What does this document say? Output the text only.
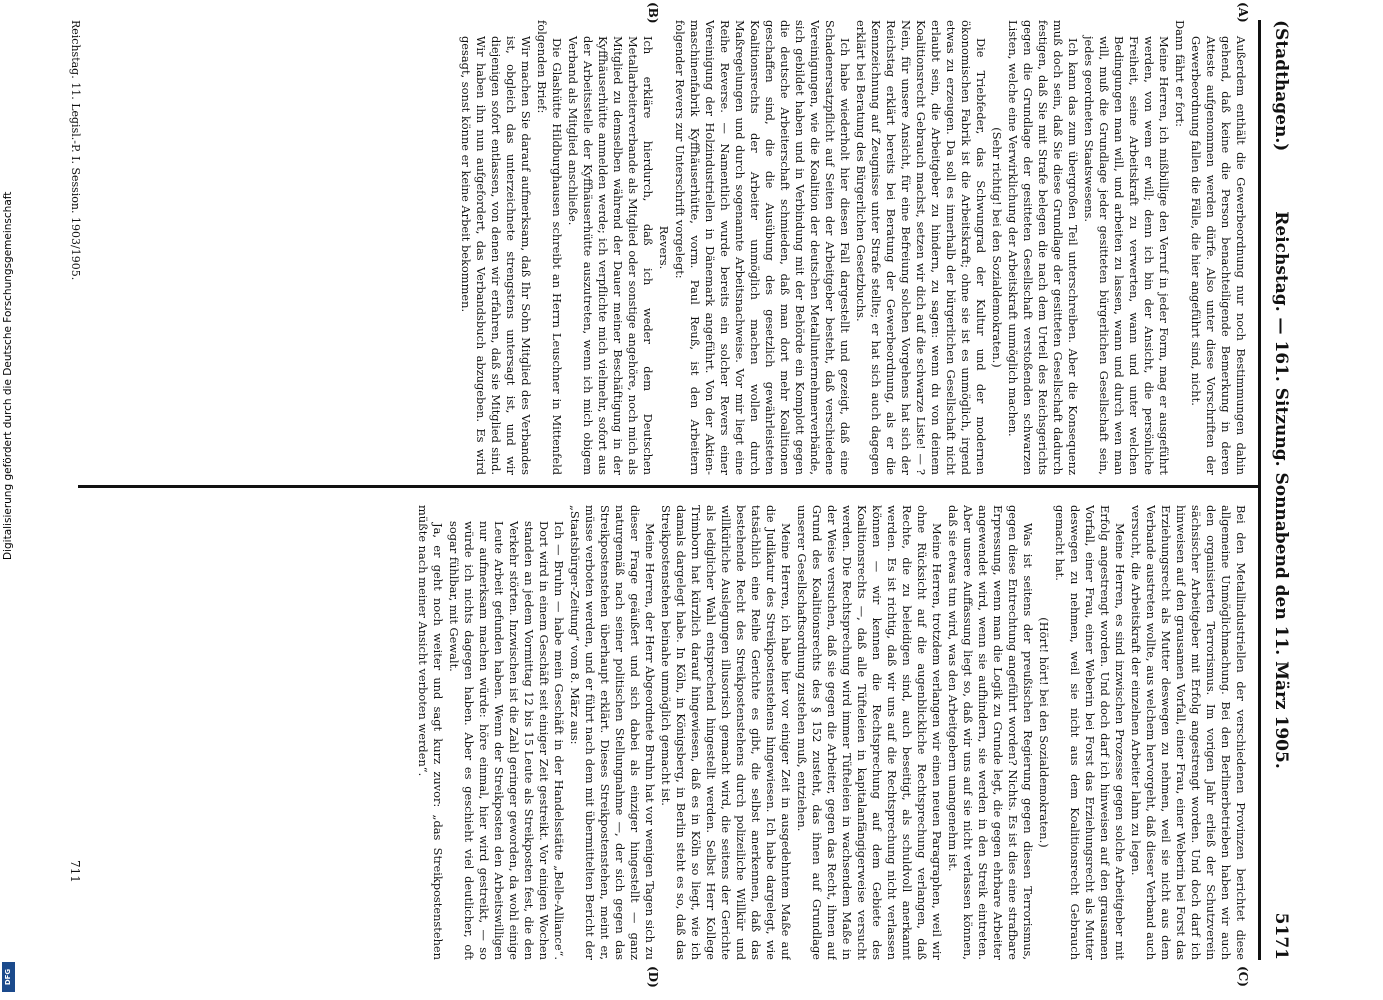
(Stadthagen.)
Reichstag. — 161. Sitzung. Sonnabend den 11. März 1905.
5171
(A)
(B)
(C)
(D)

Außerdem enthält die Gewerbeordnung nur noch Bestimmungen dahin gehend, daß keine die Person benachteiligende Bemerkung in deren Atteste aufgenommen werden dürfe. Also unter diese Vorschriften der Gewerbeordnung fallen die Fälle, die hier angeführt sind, nicht.

Dann fährt er fort:

Meine Herren, ich mißbillige den Verruf in jeder Form, mag er ausgeführt werden, von wem er will; denn ich bin der Ansicht, die persönliche Freiheit, seine Arbeitskraft zu verwerten, wann und unter welchen Bedingungen man will, und arbeiten zu lassen, wann und durch wen man will, muß die Grundlage jeder gesitteten bürgerlichen Gesellschaft sein, jedes geordneten Staatswesens.

Ich kann das zum übergroßen Teil unterschreiben. Aber die Konsequenz muß doch sein, daß Sie diese Grundlage der gesitteten Gesellschaft dadurch festigen, daß Sie mit Strafe belegen die nach dem Urteil des Reichsgerichts gegen die Grundlage der gesitteten Gesellschaft verstoßenden schwarzen Listen, welche eine Verwirklichung der Arbeitskraft unmöglich machen.

(Sehr richtig! bei den Sozialdemokraten.)

Die Triebfeder, das Schwungrad der Kultur und der modernen ökonomischen Fabrik ist die Arbeitskraft; ohne sie ist es unmöglich, irgend etwas zu erzeugen. Da soll es innerhalb der bürgerlichen Gesellschaft nicht erlaubt sein, die Arbeitgeber zu hindern, zu sagen: wenn du von deinem Koalitionsrecht Gebrauch machst, setzen wir dich auf die schwarze Liste! — ? Nein, für unsere Ansicht, für eine Befreiung solchen Vorgehens hat sich der Reichstag erklärt bereits bei Beratung der Gewerbeordnung, als er die Kennzeichnung auf Zeugnisse unter Strafe stellte; er hat sich auch dagegen erklärt bei Beratung des Bürgerlichen Gesetzbuchs.

Ich habe wiederholt hier diesen Fall dargestellt und gezeigt, daß eine Schadenersatzpflicht auf Seiten der Arbeitgeber besteht, daß verschiedene Vereinigungen, wie die Koalition der deutschen Metallunternehmerverbände, sich gebildet haben und in Verbindung mit der Behörde ein Komplott gegen die deutsche Arbeiterschaft schmieden, daß man dort mehr Koalitionen geschaffen sind, die die Ausübung des gesetzlich gewährleisteten Koalitionsrechts der Arbeiter unmöglich machen wollen durch Maßregelungen und durch sogenannte Arbeitsnachweise. Vor mir liegt eine Reihe Reverse. — Namentlich wurde bereits ein solcher Revers einer Vereinigung der Holzindustriellen in Dänemark angeführt. Von der Aktien-maschinenfabrik Kyffhäuserhütte, vorm. Paul Reuß, ist den Arbeitern folgender Revers zur Unterschrift vorgelegt:

Revers.

Ich erkläre hierdurch, daß ich weder dem Deutschen Metallarbeiterverbande als Mitglied oder sonstige angehöre, noch mich als Mitglied zu demselben während der Dauer meiner Beschäftigung in der Kyffhäuserhütte anmelden werde; ich verpflichte mich vielmehr, sofort aus der Arbeitsstelle der Kyffhäuserhütte auszutreten, wenn ich mich obigem Verband als Mitglied anschließe.

Die Glashütte Hildburghausen schreibt an Herrn Leuschner in Mittenfeld folgenden Brief:

Wir machen Sie darauf aufmerksam, daß Ihr Sohn Mitglied des Verbandes ist, obgleich das unterzeichnete strengstens untersagt ist, und wir diejenigen sofort entlassen, von denen wir erfahren, daß sie Mitglied sind. Wir haben ihn nun aufgefordert, das Verbandsbuch abzugeben. Es wird gesagt, sonst könne er keine Arbeit bekommen.

Bei den Metallindustriellen der verschiedenen Provinzen berichtet diese allgemeine Unmöglichmachung. Bei den Berlinerbetrieben haben wir auch den organisierten Terrorismus. Im vorigen Jahr erließ der Schutzverein sächsischer Arbeitgeber mit Erfolg angestrengt worden. Und doch darf ich hinweisen auf den grausamen Vorfall, einer Frau, einer Weberin bei Forst das Erziehungsrecht als Mutter deswegen zu nehmen, weil sie nicht aus dem Verbande austreten wollte, aus welchem hervorgeht, daß dieser Verband auch versucht, die Arbeitskraft der einzelnen Arbeiter lahm zu legen.

Meine Herren, es sind inzwischen Prozesse gegen solche Arbeitgeber mit Erfolg angestrengt worden. Und doch darf ich hinweisen auf den grausamen Vorfall, einer Frau, einer Weberin bei Forst das Erziehungsrecht als Mutter deswegen zu nehmen, weil sie nicht aus dem Koalitionsrecht Gebrauch gemacht hat.

(Hört! hört! bei den Sozialdemokraten.)

Was ist seitens der preußischen Regierung gegen diesen Terrorismus, gegen diese Entrechtung angeführt worden? Nichts. Es ist dies eine strafbare Erpressung, wenn man die Logik zu Grunde legt, die gegen ehrbare Arbeiter angewendet wird, wenn sie aufhindern, sie werden in den Streik eintreten. Aber unsere Auffassung liegt so, daß wir uns auf sie nicht verlassen können, daß sie etwas tun wird, was den Arbeitgebern unangenehm ist.

Meine Herren, trotzdem verlangen wir einen neuen Paragraphen, weil wir ohne Rücksicht auf die augenblickliche Rechtsprechung verlangen, daß Rechte, die zu beleidigen sind, auch beseitigt, als schuldvoll anerkannt werden. Es ist richtig, daß wir uns auf die Rechtsprechung nicht verlassen können — wir kennen die Rechtsprechung auf dem Gebiete des Koalitionsrechts —, daß alle Tüfteleien in kapitalanfängigerweise versucht werden. Die Rechtsprechung wird immer Tüfteleien in wachsendem Maße in der Weise versuchen, daß sie gegen die Arbeiter, gegen das Recht, ihnen auf Grund des Koalitionsrechts des § 152 zusteht, das ihnen auf Grundlage unserer Gesellschaftsordnung zustehen muß, entziehen.

Meine Herren, ich habe hier vor einiger Zeit in ausgedehntem Maße auf die Judikatur des Streikpostenstehens hingewiesen. Ich habe dargelegt, wie tatsächlich eine Reihe Gerichte es gibt, die selbst anerkennen, daß das bestehende Recht des Streikpostenstehens durch polizeiliche Willkür und willkürliche Auslegungen illusorisch gemacht wird, die seitens der Gerichte als lediglicher Wahl entsprechend hingestellt werden. Selbst Herr Kollege Trimborn hat kürzlich darauf hingewiesen, daß es in Köln so liegt, wie ich damals dargelegt habe. In Köln, in Königsberg, in Berlin steht es so, daß das Streikpostenstehen beinahe unmöglich gemacht ist.

Meine Herren, der Herr Abgeordnete Bruhn hat vor wenigen Tagen sich zu dieser Frage geäußert und sich dabei als einziger hingestellt — ganz naturgemäß nach seiner politischen Stellungnahme —, der sich gegen das Streikpostenstehen überhaupt erklärt. Dieses Streikpostenstehen, meint er, müsse verboten werden, und er führt nach dem mit übermittelten Bericht der „Staatsbürger-Zeitung“ vom 8. März aus:

Ich — Bruhn — habe mein Geschäft in der Handelsstätte „Belle-Alliance“. Dort wird in einem Geschäft seit einiger Zeit gestreikt. Vor einigen Wochen standen an jedem Vormittag 12 bis 15 Leute als Streikposten fest, die den Verkehr störten. Inzwischen ist die Zahl geringer geworden, da wohl einige Leute Arbeit gefunden haben. Wenn der Streikposten den Arbeitswilligen nur aufmerksam machen würde: höre einmal, hier wird gestreikt, — so würde ich nichts dagegen haben. Aber es geschieht viel deutlicher, oft sogar fühlbar, mit Gewalt.

Ja, er geht noch weiter und sagt kurz zuvor: „das Streikpostenstehen müßte nach meiner Ansicht verboten werden“.

Reichstag. 11. Legisl.-P. I. Session. 1903/1905.
711
Digitalisierung gefördert durch die Deutsche Forschungsgemeinschaft
DFG
